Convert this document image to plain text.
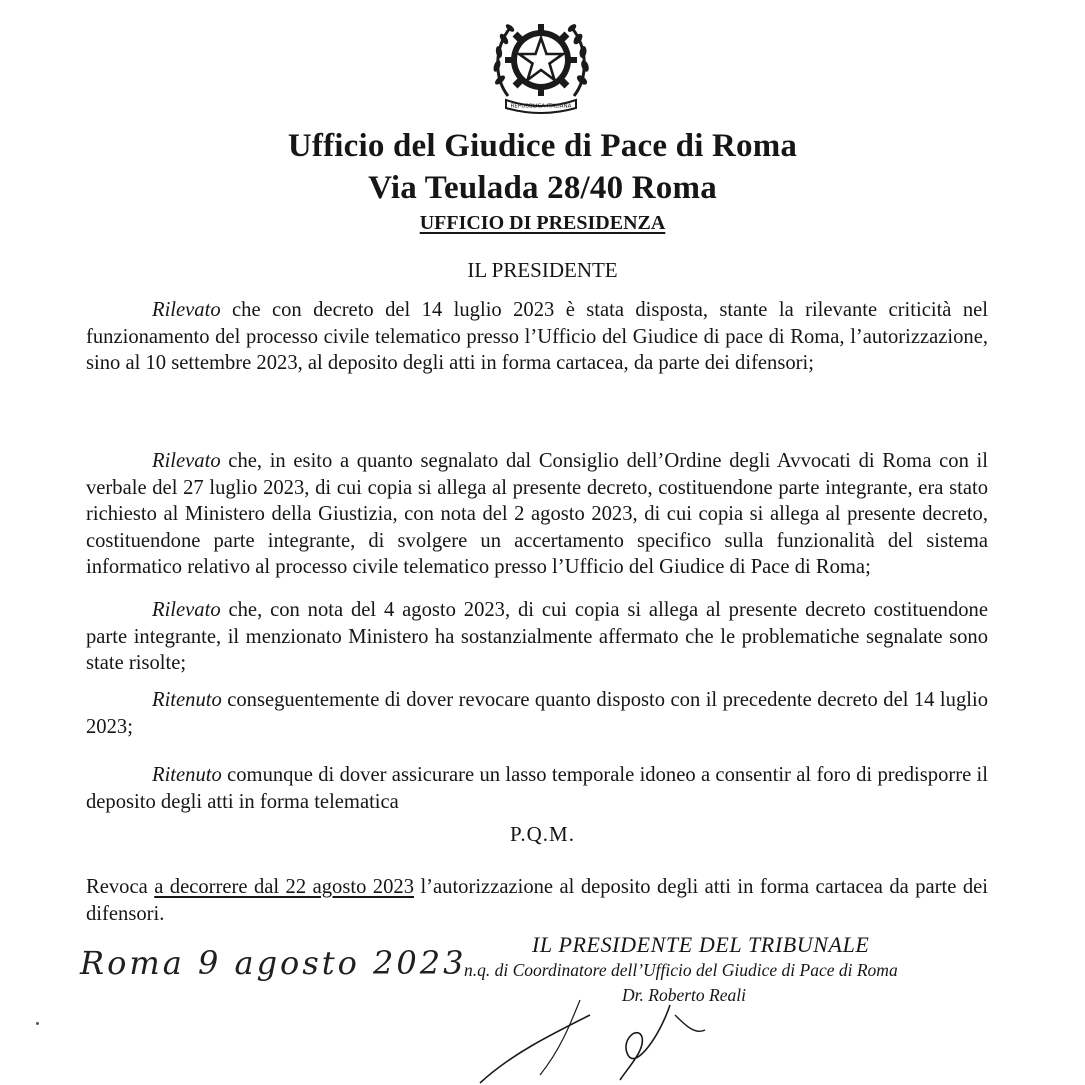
REPUBBLICA ITALIANA
Ufficio del Giudice di Pace di Roma
Via Teulada 28/40 Roma
UFFICIO DI PRESIDENZA

IL PRESIDENTE

Rilevato che con decreto del 14 luglio 2023 è stata disposta, stante la rilevante criticità nel funzionamento del processo civile telematico presso l’Ufficio del Giudice di pace di Roma, l’autorizzazione, sino al 10 settembre 2023, al deposito degli atti in forma cartacea, da parte dei difensori;

Rilevato che, in esito a quanto segnalato dal Consiglio dell’Ordine degli Avvocati di Roma con il verbale del 27 luglio 2023, di cui copia si allega al presente decreto, costituendone parte integrante, era stato richiesto al Ministero della Giustizia, con nota del 2 agosto 2023, di cui copia si allega al presente decreto, costituendone parte integrante, di svolgere un accertamento specifico sulla funzionalità del sistema informatico relativo al processo civile telematico presso l’Ufficio del Giudice di Pace di Roma;

Rilevato che, con nota del 4 agosto 2023, di cui copia si allega al presente decreto costituendone parte integrante, il menzionato Ministero ha sostanzialmente affermato che le problematiche segnalate sono state risolte;

Ritenuto conseguentemente di dover revocare quanto disposto con il precedente decreto del 14 luglio 2023;

Ritenuto comunque di dover assicurare un lasso temporale idoneo a consentir al foro di predisporre il deposito degli atti in forma telematica

P.Q.M.

Revoca a decorrere dal 22 agosto 2023 l’autorizzazione al deposito degli atti in forma cartacea da parte dei difensori.

IL PRESIDENTE DEL TRIBUNALE

n.q. di Coordinatore dell’Ufficio del Giudice di Pace di Roma

Dr. Roberto Reali

Roma 9 agosto 2023
